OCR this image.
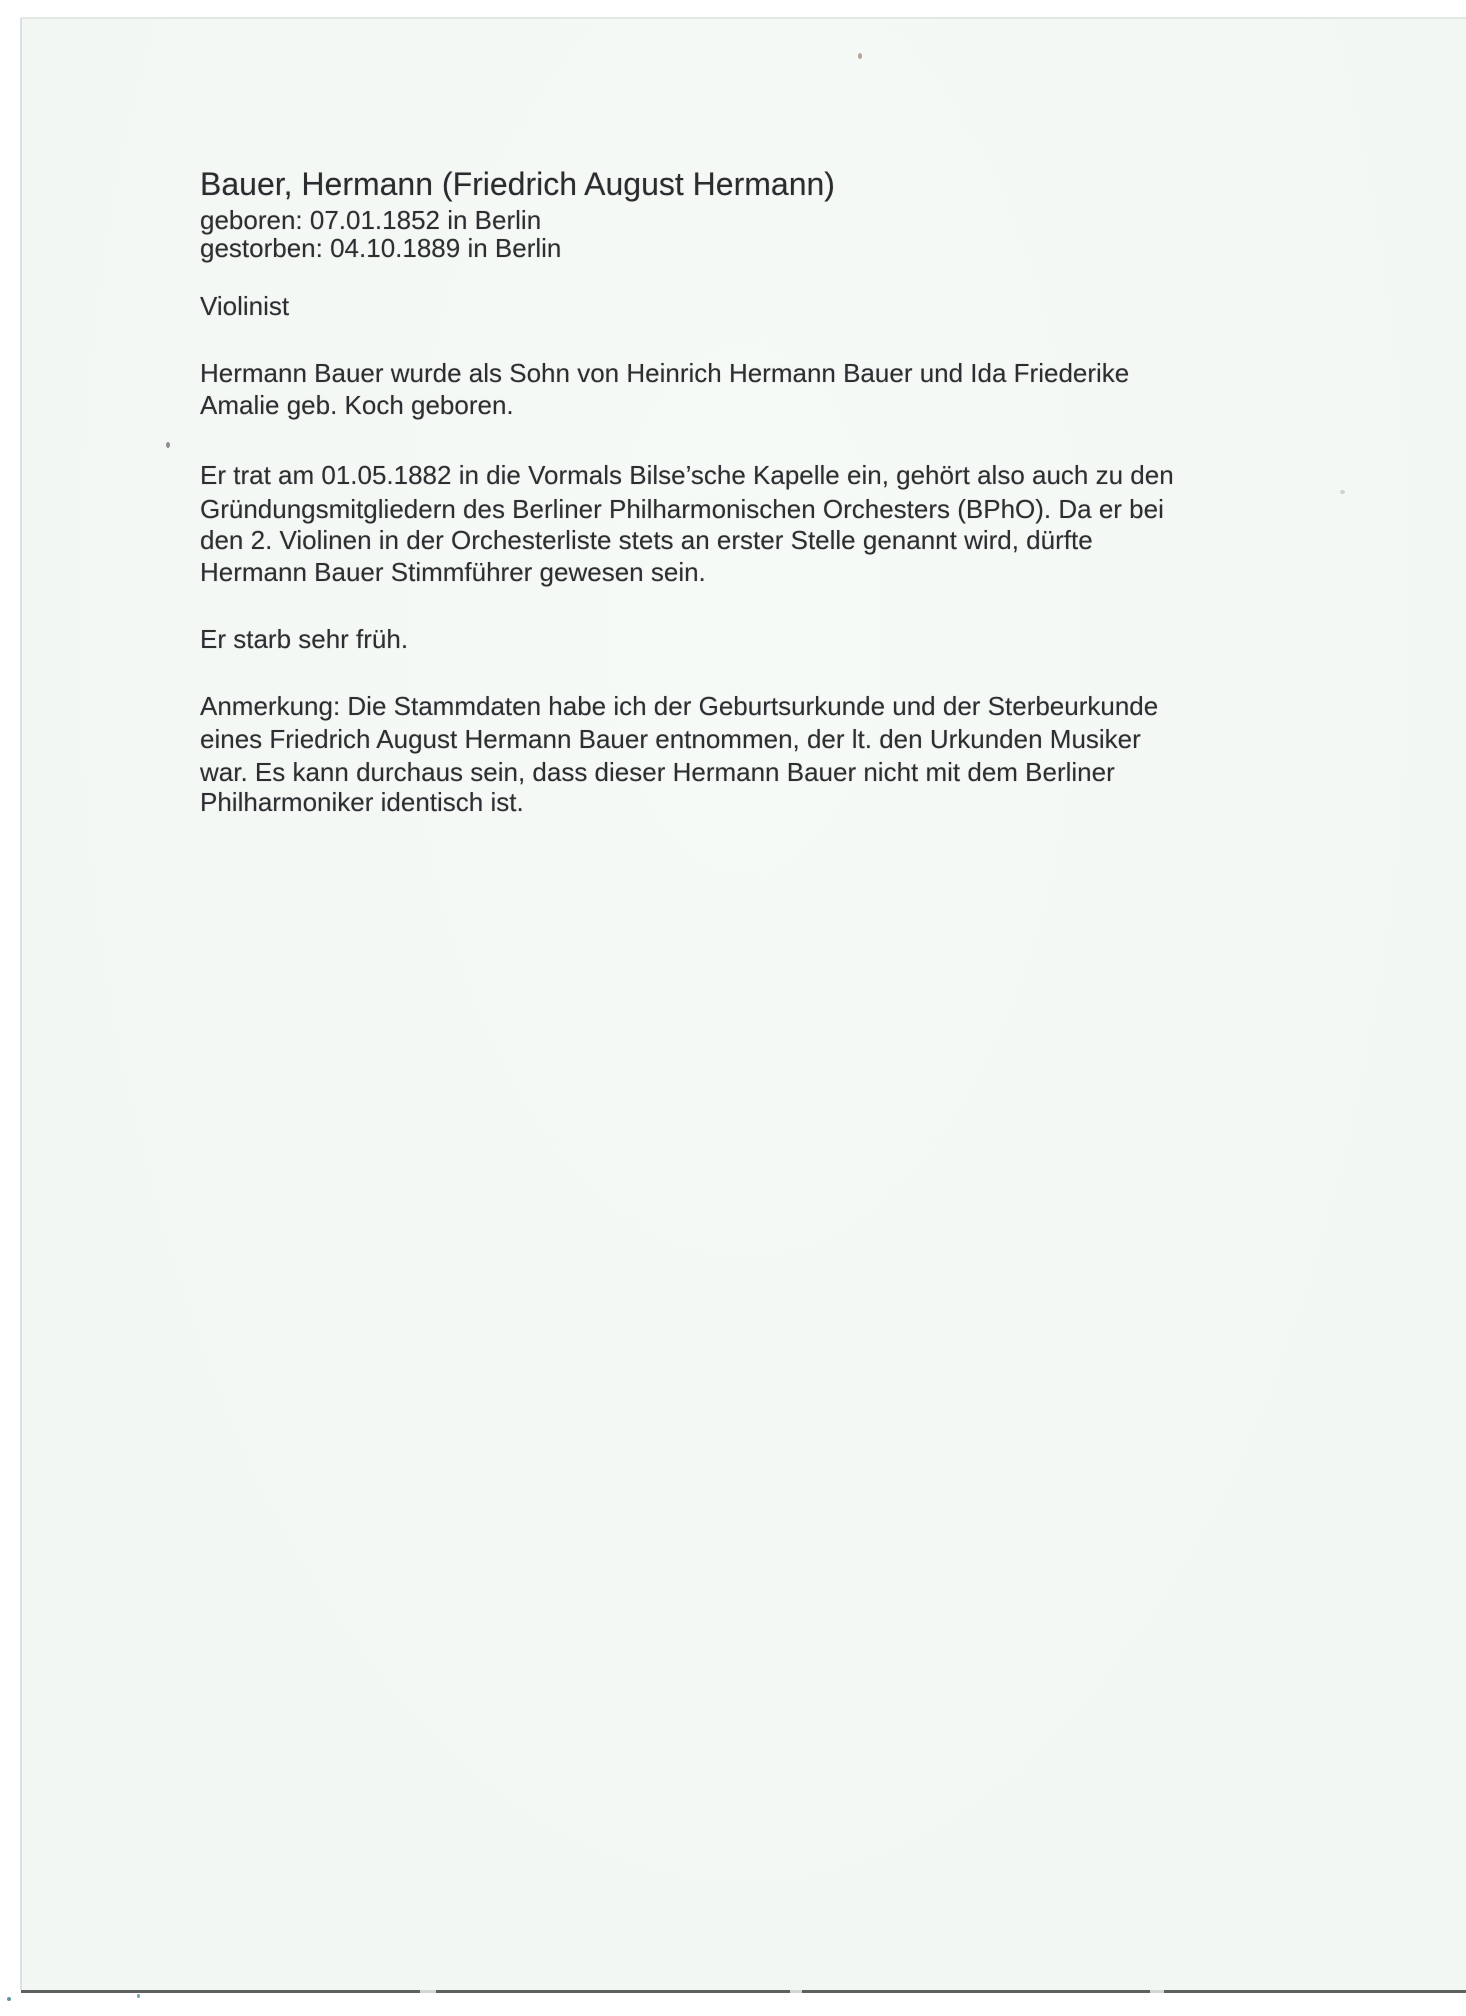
Bauer, Hermann (Friedrich August Hermann)
geboren: 07.01.1852 in Berlin
gestorben: 04.10.1889 in Berlin
Violinist
Hermann Bauer wurde als Sohn von Heinrich Hermann Bauer und Ida Friederike
Amalie geb. Koch geboren.
Er trat am 01.05.1882 in die Vormals Bilse’sche Kapelle ein, gehört also auch zu den
Gründungsmitgliedern des Berliner Philharmonischen Orchesters (BPhO). Da er bei
den 2. Violinen in der Orchesterliste stets an erster Stelle genannt wird, dürfte
Hermann Bauer Stimmführer gewesen sein.
Er starb sehr früh.
Anmerkung: Die Stammdaten habe ich der Geburtsurkunde und der Sterbeurkunde
eines Friedrich August Hermann Bauer entnommen, der lt. den Urkunden Musiker
war. Es kann durchaus sein, dass dieser Hermann Bauer nicht mit dem Berliner
Philharmoniker identisch ist.
